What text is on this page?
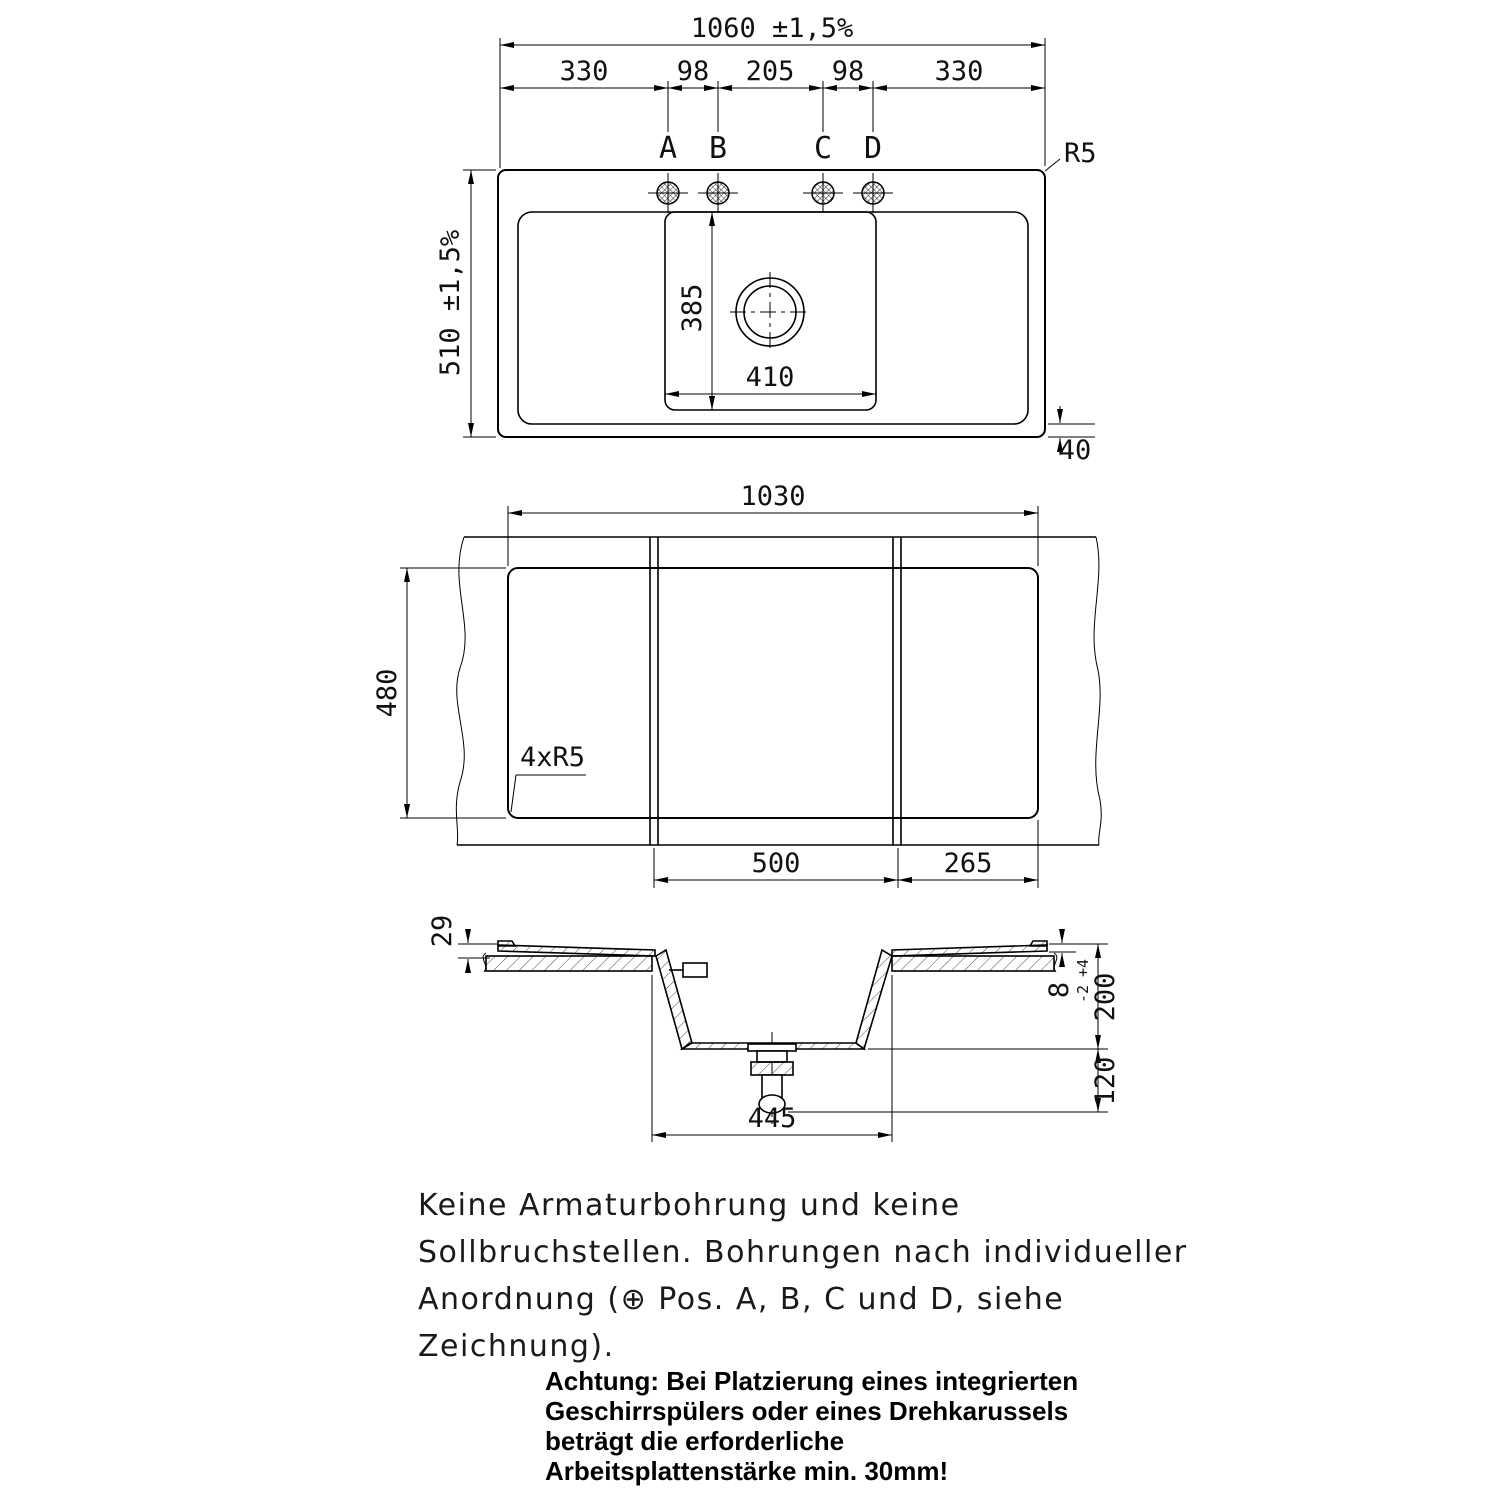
A B	C D
1060 ±1,5%
330	98 205 98	330
R5
510 ±1,5%	385
410
40
1030
480
4xR5
500	265
29
8
+4
-2
200
120
445
Keine Armaturbohrung und keine
Sollbruchstellen. Bohrungen nach individueller
Anordnung (⊕ Pos. A, B, C und D, siehe
Zeichnung).
Achtung: Bei Platzierung eines integrierten
Geschirrspülers oder eines Drehkarussels
beträgt die erforderliche
Arbeitsplattenstärke min. 30mm!
